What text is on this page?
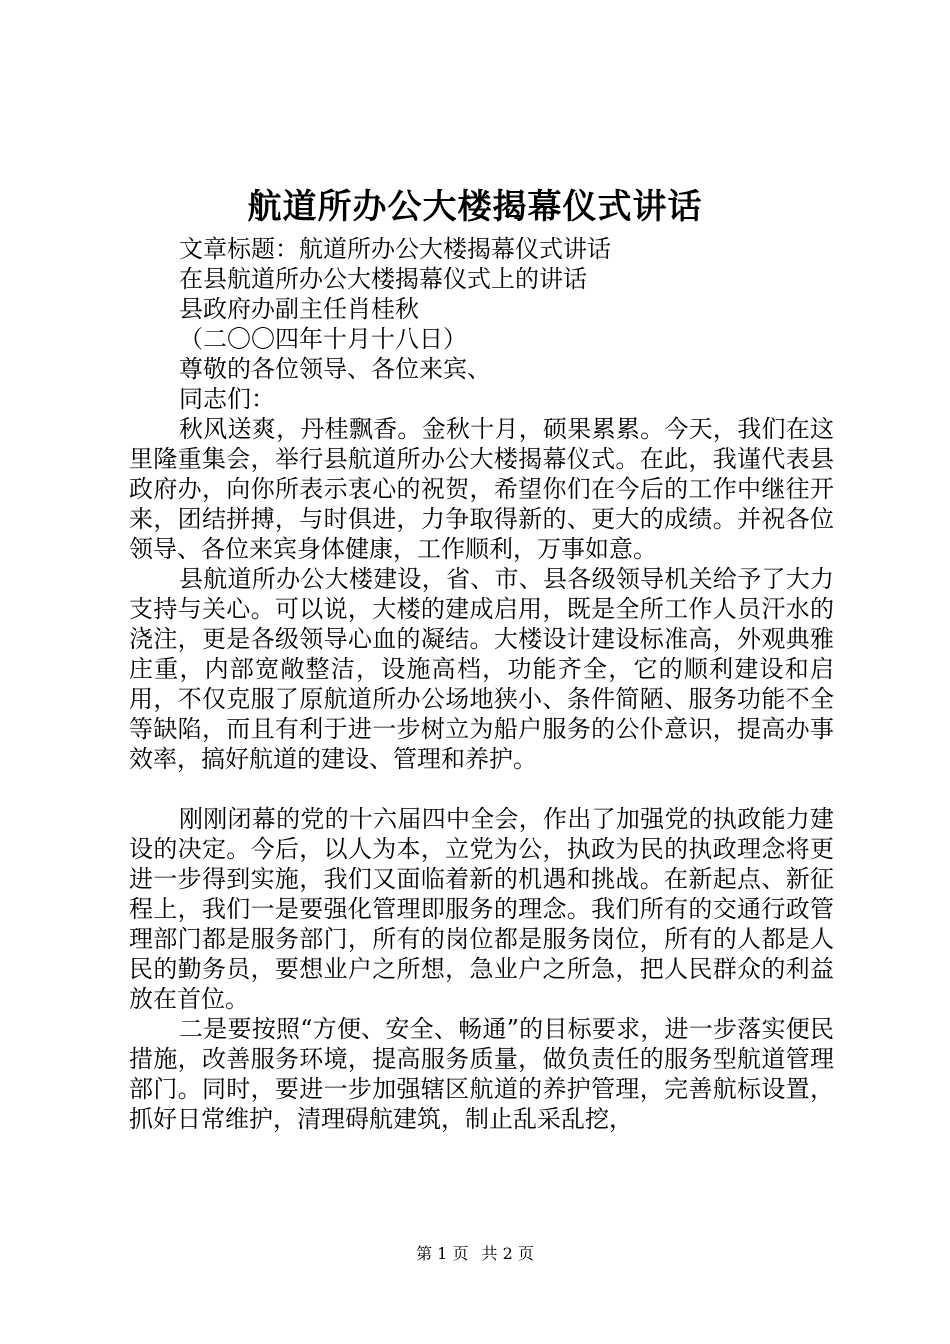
航道所办公大楼揭幕仪式讲话

文章标题：航道所办公大楼揭幕仪式讲话

在县航道所办公大楼揭幕仪式上的讲话

县政府办副主任肖桂秋

（二〇〇四年十月十八日）

尊敬的各位领导、各位来宾、

同志们：

秋风送爽，丹桂飘香。金秋十月，硕果累累。今天，我们在这里隆重集会，举行县航道所办公大楼揭幕仪式。在此，我谨代表县政府办，向你所表示衷心的祝贺，希望你们在今后的工作中继往开来，团结拼搏，与时俱进，力争取得新的、更大的成绩。并祝各位领导、各位来宾身体健康，工作顺利，万事如意。

县航道所办公大楼建设，省、市、县各级领导机关给予了大力支持与关心。可以说，大楼的建成启用，既是全所工作人员汗水的浇注，更是各级领导心血的凝结。大楼设计建设标准高，外观典雅庄重，内部宽敞整洁，设施高档，功能齐全，它的顺利建设和启用，不仅克服了原航道所办公场地狭小、条件简陋、服务功能不全等缺陷，而且有利于进一步树立为船户服务的公仆意识，提高办事效率，搞好航道的建设、管理和养护。

刚刚闭幕的党的十六届四中全会，作出了加强党的执政能力建设的决定。今后，以人为本，立党为公，执政为民的执政理念将更进一步得到实施，我们又面临着新的机遇和挑战。在新起点、新征程上，我们一是要强化管理即服务的理念。我们所有的交通行政管理部门都是服务部门，所有的岗位都是服务岗位，所有的人都是人民的勤务员，要想业户之所想，急业户之所急，把人民群众的利益放在首位。

二是要按照“方便、安全、畅通”的目标要求，进一步落实便民措施，改善服务环境，提高服务质量，做负责任的服务型航道管理部门。同时，要进一步加强辖区航道的养护管理，完善航标设置，抓好日常维护，清理碍航建筑，制止乱采乱挖，

第 1 页 共 2 页
